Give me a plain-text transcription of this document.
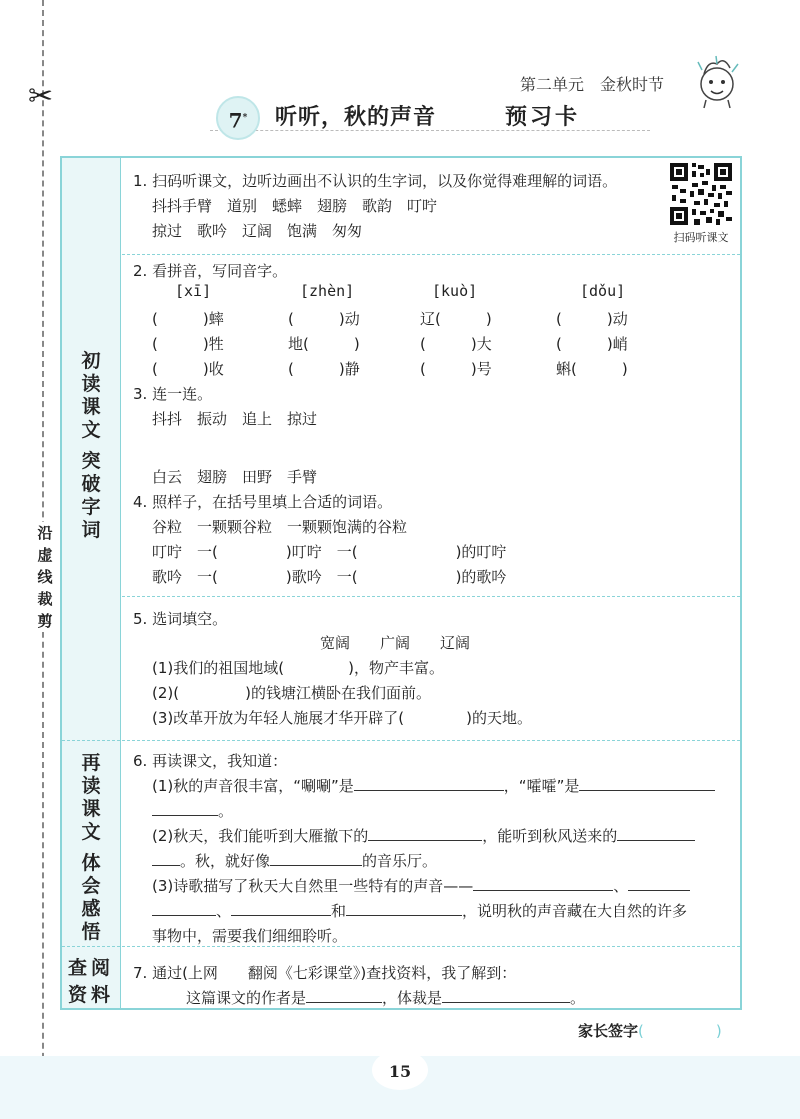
✂
沿虚线裁剪
第二单元　金秋时节
7*	听听，秋的声音	预习卡
初读课文
突破字词
再读课文
体会感悟
查阅资料
扫码听课文
1. 扫码听课文，边听边画出不认识的生字词，以及你觉得难理解的词语。
抖抖手臂　道别　蟋蟀　翅膀　歌韵　叮咛
掠过　歌吟　辽阔　饱满　匆匆
2. 看拼音，写同音字。
[xī]	[zhèn]	[kuò]	[dǒu]
(　　　)蟀	(　　　)动	辽(　　　)	(　　　)动
(　　　)牲	地(　　　)	(　　　)大	(　　　)峭
(　　　)收	(　　　)静	(　　　)号	蝌(　　　)
3. 连一连。
抖抖　振动　追上　掠过
白云　翅膀　田野　手臂
4. 照样子，在括号里填上合适的词语。
谷粒　一颗颗谷粒　一颗颗饱满的谷粒
叮咛　一(	)叮咛　一(	)的叮咛
歌吟　一(	)歌吟　一(	)的歌吟
5. 选词填空。
宽阔　　广阔　　辽阔
(1)我们的祖国地域(	)，物产丰富。
(2)(	)的钱塘江横卧在我们面前。
(3)改革开放为年轻人施展才华开辟了(	)的天地。
6. 再读课文，我知道：
(1)秋的声音很丰富，“唰唰”是	，“嚯嚯”是
。
(2)秋天，我们能听到大雁撤下的	，能听到秋风送来的
。秋，就好像	的音乐厅。
(3)诗歌描写了秋天大自然里一些特有的声音——	、
、	和	，说明秋的声音藏在大自然的许多
事物中，需要我们细细聆听。
7. 通过(上网　　翻阅《七彩课堂》)查找资料，我了解到：
这篇课文的作者是	，体裁是	。
家长签字(	)
15
